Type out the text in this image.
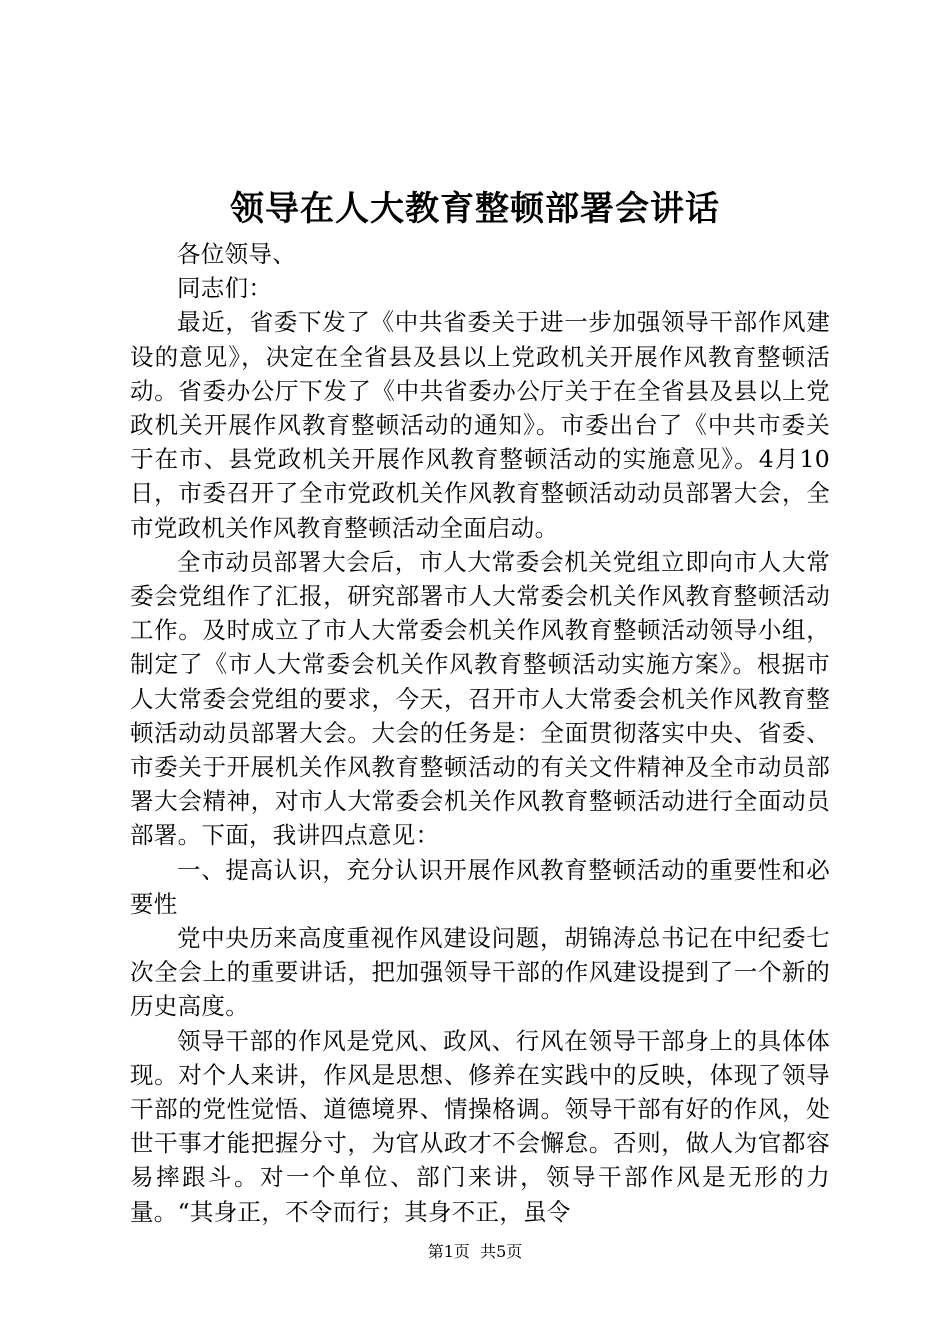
领导在人大教育整顿部署会讲话

各位领导、

同志们：

最近，省委下发了《中共省委关于进一步加强领导干部作风建设的意见》，决定在全省县及县以上党政机关开展作风教育整顿活动。省委办公厅下发了《中共省委办公厅关于在全省县及县以上党政机关开展作风教育整顿活动的通知》。市委出台了《中共市委关于在市、县党政机关开展作风教育整顿活动的实施意见》。4月10日，市委召开了全市党政机关作风教育整顿活动动员部署大会，全市党政机关作风教育整顿活动全面启动。

全市动员部署大会后，市人大常委会机关党组立即向市人大常委会党组作了汇报，研究部署市人大常委会机关作风教育整顿活动工作。及时成立了市人大常委会机关作风教育整顿活动领导小组，制定了《市人大常委会机关作风教育整顿活动实施方案》。根据市人大常委会党组的要求，今天，召开市人大常委会机关作风教育整顿活动动员部署大会。大会的任务是：全面贯彻落实中央、省委、市委关于开展机关作风教育整顿活动的有关文件精神及全市动员部署大会精神，对市人大常委会机关作风教育整顿活动进行全面动员部署。下面，我讲四点意见：

一、提高认识，充分认识开展作风教育整顿活动的重要性和必要性

党中央历来高度重视作风建设问题，胡锦涛总书记在中纪委七次全会上的重要讲话，把加强领导干部的作风建设提到了一个新的历史高度。

领导干部的作风是党风、政风、行风在领导干部身上的具体体现。对个人来讲，作风是思想、修养在实践中的反映，体现了领导干部的党性觉悟、道德境界、情操格调。领导干部有好的作风，处世干事才能把握分寸，为官从政才不会懈怠。否则，做人为官都容易摔跟斗。对一个单位、部门来讲，领导干部作风是无形的力量。“其身正，不令而行；其身不正，虽令

第1页 共5页
